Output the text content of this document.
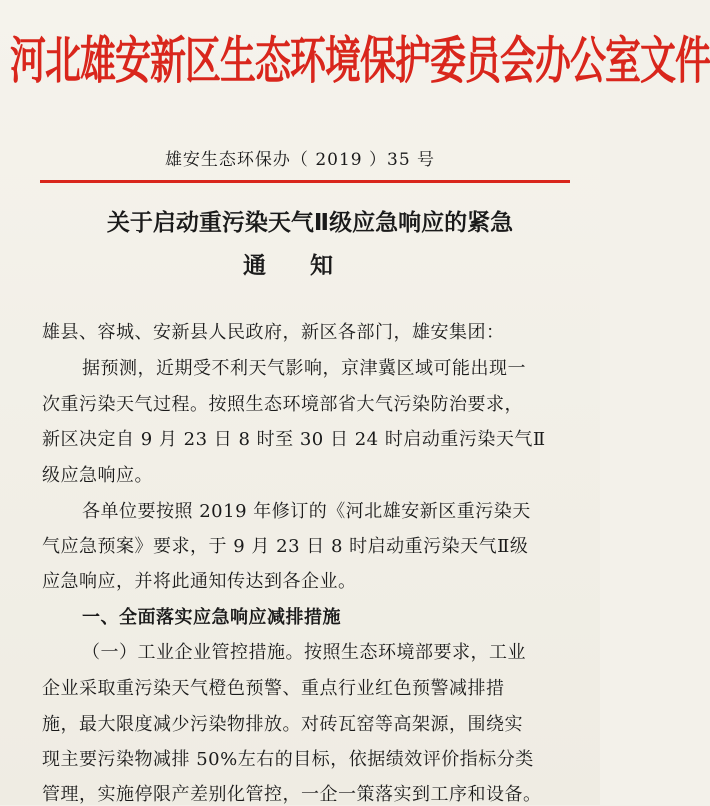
河北雄安新区生态环境保护委员会办公室文件
雄安生态环保办（ 2019 ）35 号
关于启动重污染天气Ⅱ级应急响应的紧急
通知
雄县、容城、安新县人民政府，新区各部门，雄安集团：
据预测，近期受不利天气影响，京津冀区域可能出现一
次重污染天气过程。按照生态环境部省大气污染防治要求，
新区决定自 9 月 23 日 8 时至 30 日 24 时启动重污染天气Ⅱ
级应急响应。
各单位要按照 2019 年修订的《河北雄安新区重污染天
气应急预案》要求，于 9 月 23 日 8 时启动重污染天气Ⅱ级
应急响应，并将此通知传达到各企业。
一、全面落实应急响应减排措施
（一）工业企业管控措施。按照生态环境部要求，工业
企业采取重污染天气橙色预警、重点行业红色预警减排措
施，最大限度减少污染物排放。对砖瓦窑等高架源，围绕实
现主要污染物减排 50%左右的目标，依据绩效评价指标分类
管理，实施停限产差别化管控，一企一策落实到工序和设备。
